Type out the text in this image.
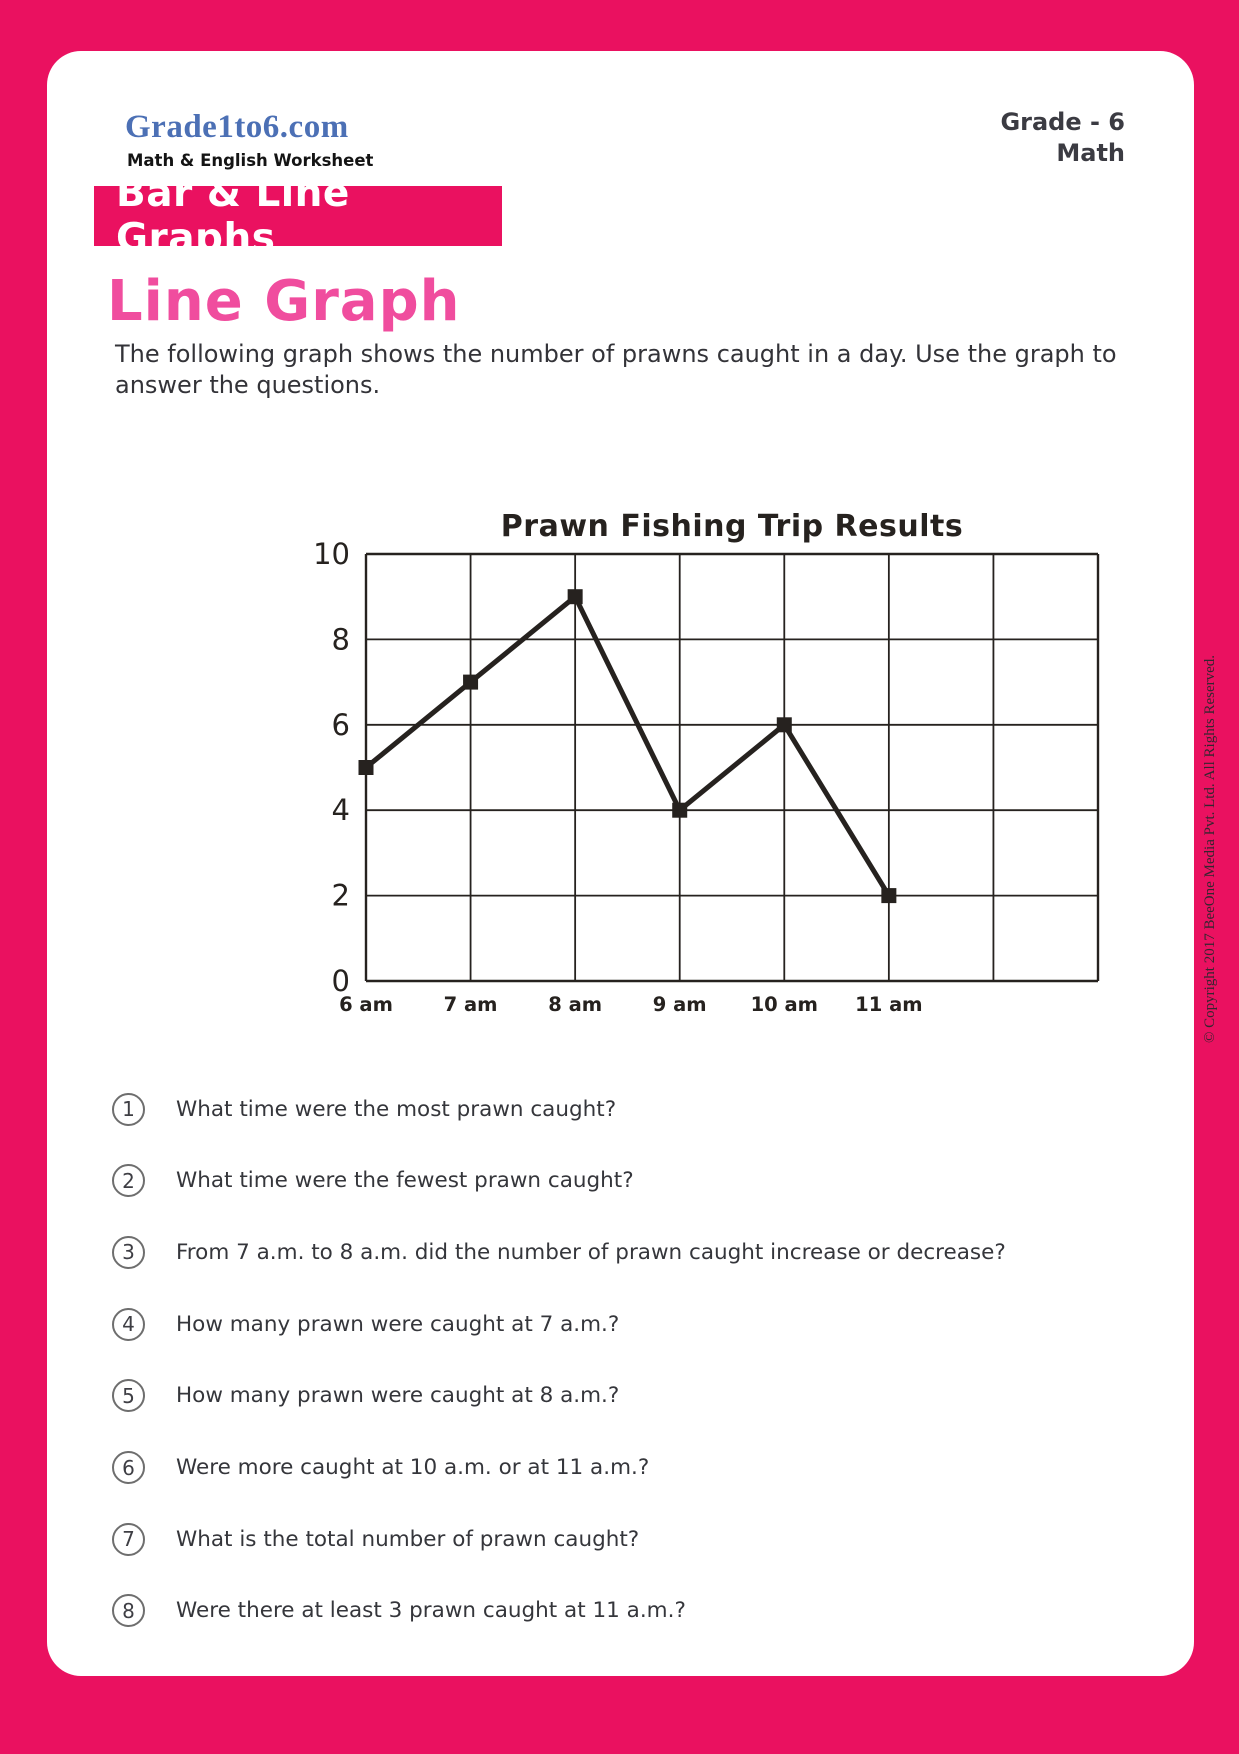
Grade1to6.com
Math & English Worksheet
Grade - 6
Math
Bar & Line Graphs
Line Graph
The following graph shows the number of prawns caught in a day. Use the graph to answer the questions.
Prawn Fishing Trip Results
10
8
6
4
2
0
6 am	7 am	8 am	9 am 10 am 11 am
1	What time were the most prawn caught?
2	What time were the fewest prawn caught?
3	From 7 a.m. to 8 a.m. did the number of prawn caught increase or decrease?
4	How many prawn were caught at 7 a.m.?
5	How many prawn were caught at 8 a.m.?
6	Were more caught at 10 a.m. or at 11 a.m.?
7	What is the total number of prawn caught?
8	Were there at least 3 prawn caught at 11 a.m.?
© Copyright 2017 BeeOne Media Pvt. Ltd. All Rights Reserved.
